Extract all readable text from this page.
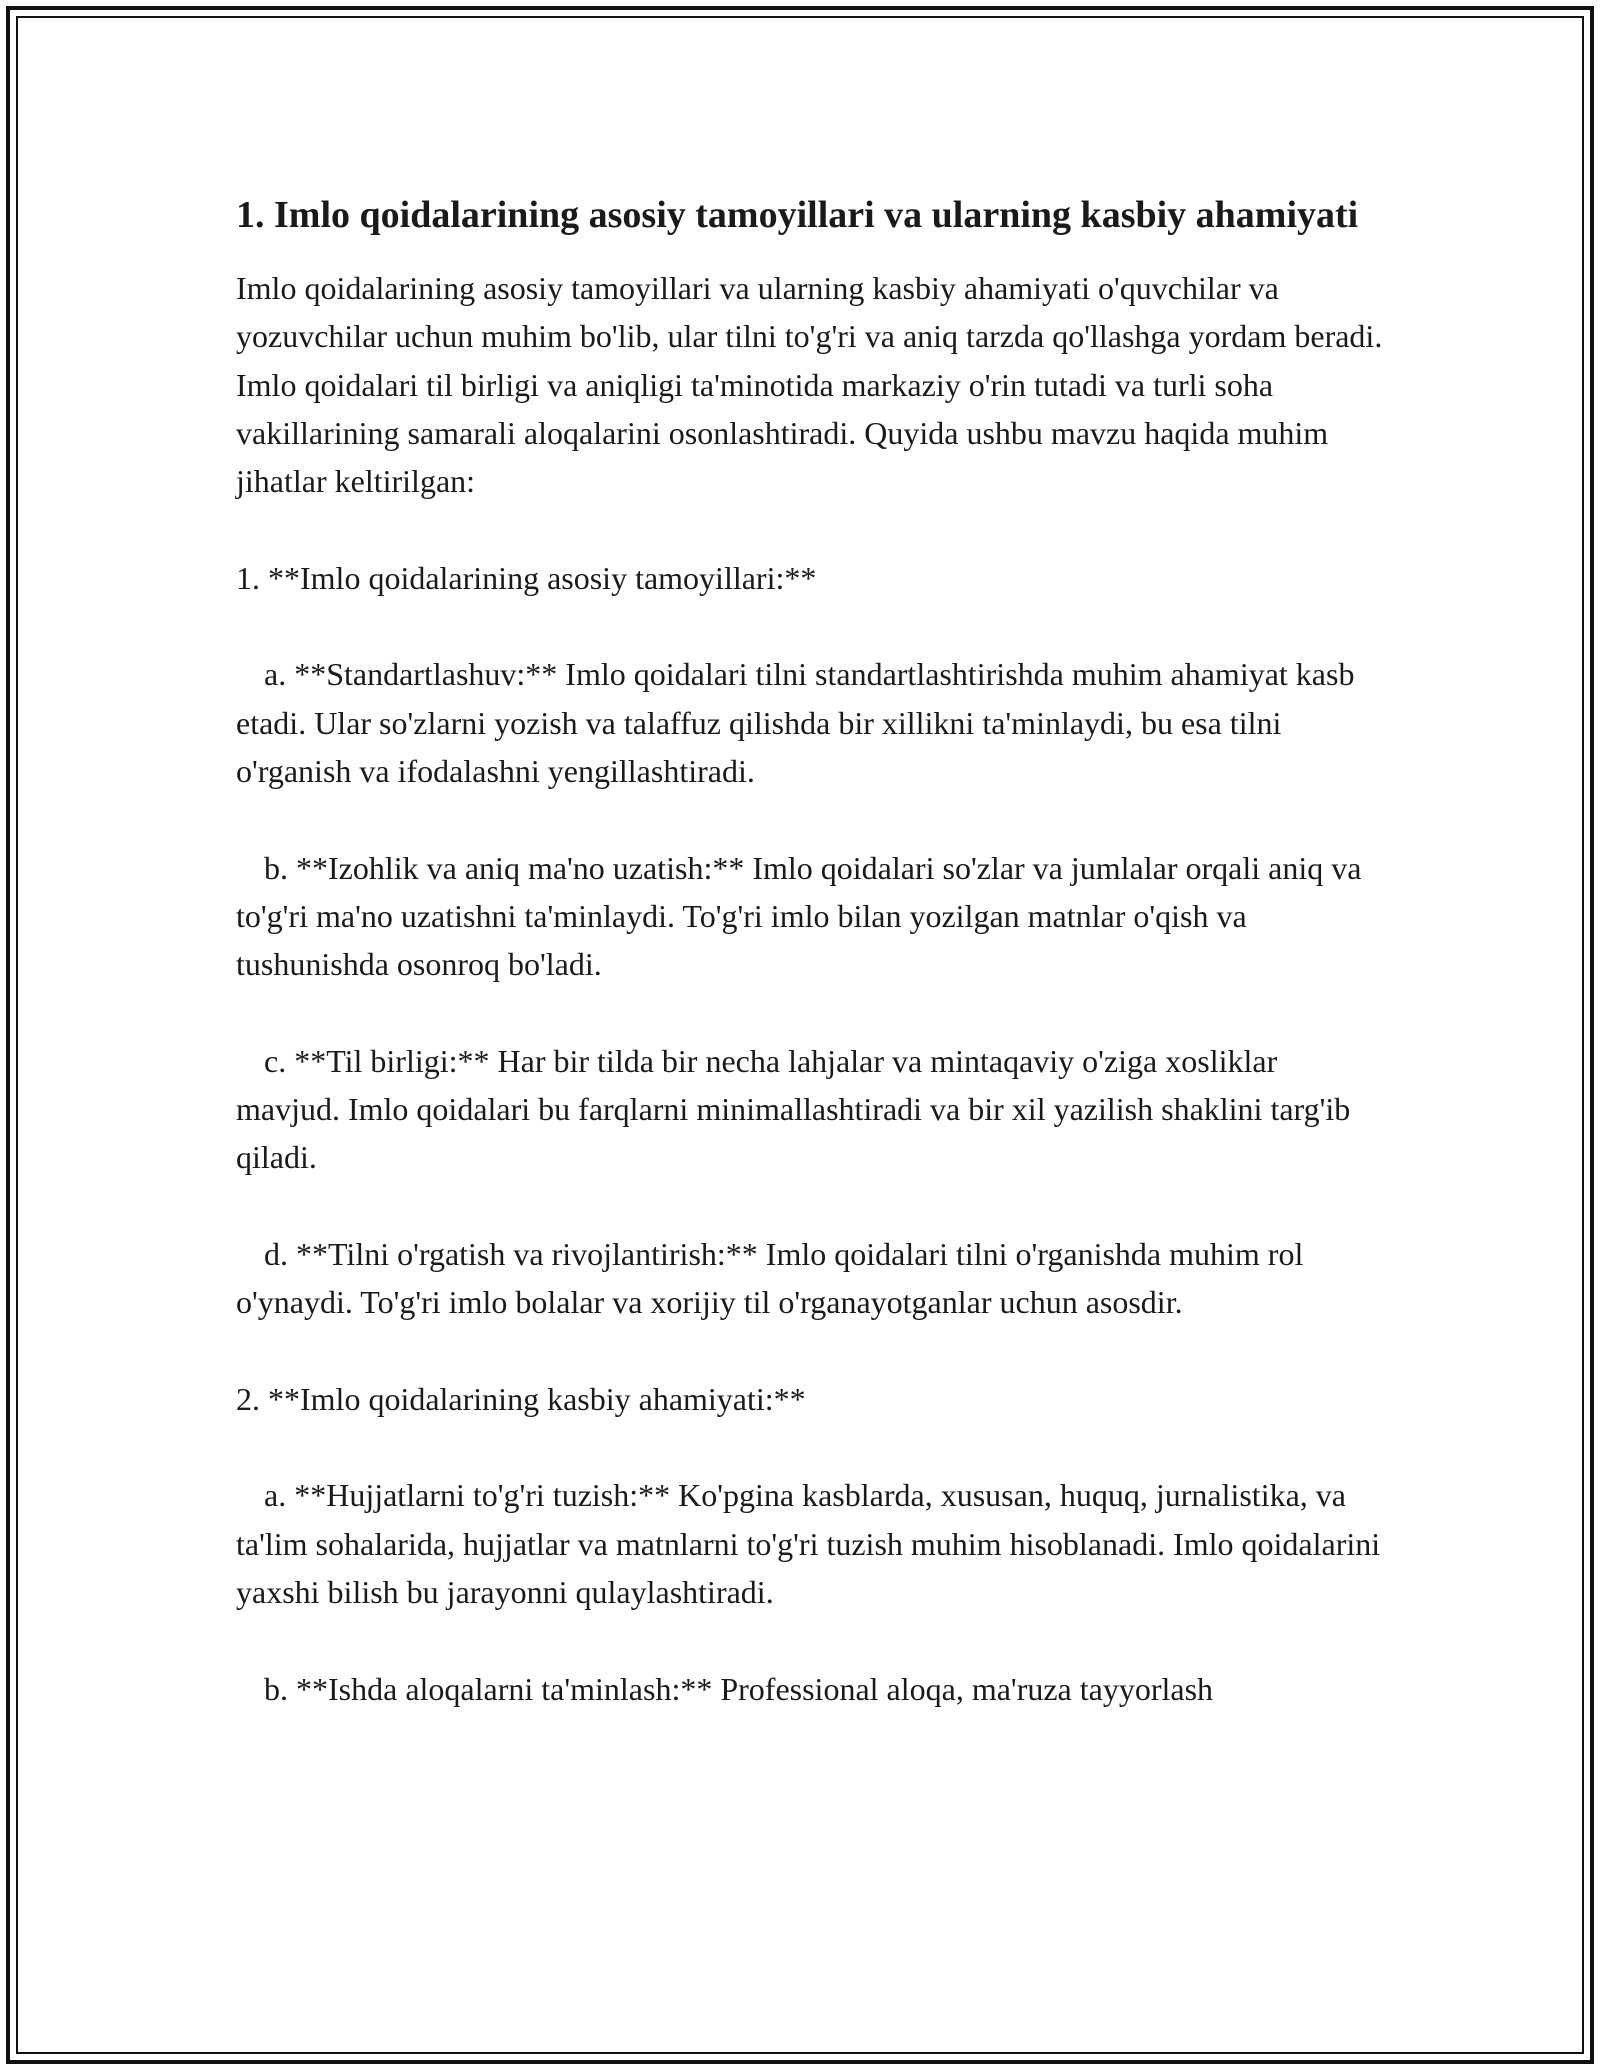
1. Imlo qoidalarining asosiy tamoyillari va ularning kasbiy ahamiyati

Imlo qoidalarining asosiy tamoyillari va ularning kasbiy ahamiyati o'quvchilar va yozuvchilar uchun muhim bo'lib, ular tilni to'g'ri va aniq tarzda qo'llashga yordam beradi. Imlo qoidalari til birligi va aniqligi ta'minotida markaziy o'rin tutadi va turli soha vakillarining samarali aloqalarini osonlashtiradi. Quyida ushbu mavzu haqida muhim jihatlar keltirilgan:

1. **Imlo qoidalarining asosiy tamoyillari:**

a. **Standartlashuv:** Imlo qoidalari tilni standartlashtirishda muhim ahamiyat kasb etadi. Ular so'zlarni yozish va talaffuz qilishda bir xillikni ta'minlaydi, bu esa tilni o'rganish va ifodalashni yengillashtiradi.

b. **Izohlik va aniq ma'no uzatish:** Imlo qoidalari so'zlar va jumlalar orqali aniq va to'g'ri ma'no uzatishni ta'minlaydi. To'g'ri imlo bilan yozilgan matnlar o'qish va tushunishda osonroq bo'ladi.

c. **Til birligi:** Har bir tilda bir necha lahjalar va mintaqaviy o'ziga xosliklar mavjud. Imlo qoidalari bu farqlarni minimallashtiradi va bir xil yazilish shaklini targ'ib qiladi.

d. **Tilni o'rgatish va rivojlantirish:** Imlo qoidalari tilni o'rganishda muhim rol o'ynaydi. To'g'ri imlo bolalar va xorijiy til o'rganayotganlar uchun asosdir.

2. **Imlo qoidalarining kasbiy ahamiyati:**

a. **Hujjatlarni to'g'ri tuzish:** Ko'pgina kasblarda, xususan, huquq, jurnalistika, va ta'lim sohalarida, hujjatlar va matnlarni to'g'ri tuzish muhim hisoblanadi. Imlo qoidalarini yaxshi bilish bu jarayonni qulaylashtiradi.

b. **Ishda aloqalarni ta'minlash:** Professional aloqa, ma'ruza tayyorlash
